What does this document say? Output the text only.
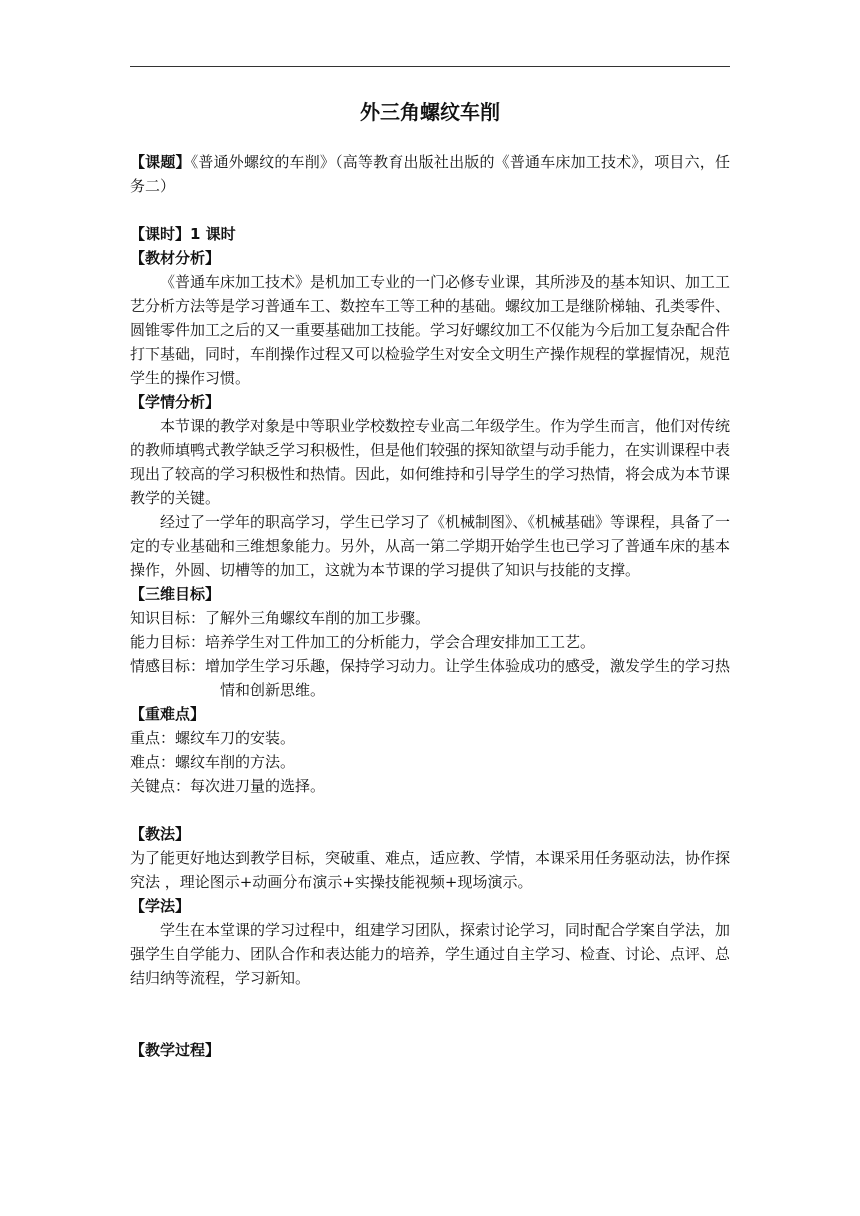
外三角螺纹车削

【课题】《普通外螺纹的车削》（高等教育出版社出版的《普通车床加工技术》，项目六，任务二）

【课时】1 课时

【教材分析】

《普通车床加工技术》是机加工专业的一门必修专业课，其所涉及的基本知识、加工工艺分析方法等是学习普通车工、数控车工等工种的基础。螺纹加工是继阶梯轴、孔类零件、圆锥零件加工之后的又一重要基础加工技能。学习好螺纹加工不仅能为今后加工复杂配合件打下基础，同时，车削操作过程又可以检验学生对安全文明生产操作规程的掌握情况，规范学生的操作习惯。

【学情分析】

本节课的教学对象是中等职业学校数控专业高二年级学生。作为学生而言，他们对传统的教师填鸭式教学缺乏学习积极性，但是他们较强的探知欲望与动手能力，在实训课程中表现出了较高的学习积极性和热情。因此，如何维持和引导学生的学习热情，将会成为本节课教学的关键。

经过了一学年的职高学习，学生已学习了《机械制图》、《机械基础》等课程，具备了一定的专业基础和三维想象能力。另外，从高一第二学期开始学生也已学习了普通车床的基本操作，外圆、切槽等的加工，这就为本节课的学习提供了知识与技能的支撑。

【三维目标】

知识目标：了解外三角螺纹车削的加工步骤。

能力目标：培养学生对工件加工的分析能力，学会合理安排加工工艺。

情感目标：增加学生学习乐趣，保持学习动力。让学生体验成功的感受，激发学生的学习热情和创新思维。

【重难点】

重点：螺纹车刀的安装。

难点：螺纹车削的方法。

关键点：每次进刀量的选择。

【教法】

为了能更好地达到教学目标，突破重、难点，适应教、学情，本课采用任务驱动法，协作探究法 ，理论图示+动画分布演示+实操技能视频+现场演示。

【学法】

学生在本堂课的学习过程中，组建学习团队，探索讨论学习，同时配合学案自学法，加强学生自学能力、团队合作和表达能力的培养，学生通过自主学习、检查、讨论、点评、总结归纳等流程，学习新知。

【教学过程】
